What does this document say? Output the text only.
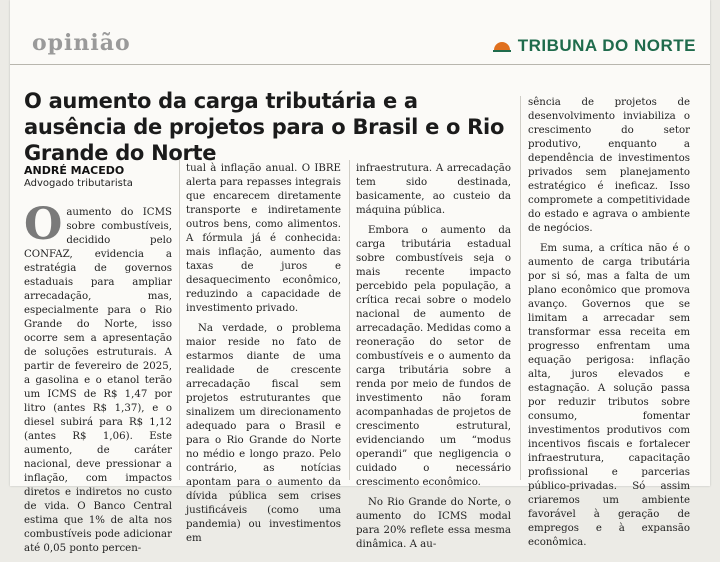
opinião	TRIBUNA DO NORTE
O aumento da carga tributária e a ausência de projetos para o Brasil e o Rio Grande do Norte
ANDRÉ MACEDO
Advogado tributarista

Oaumento do ICMS sobre combustíveis, decidido pelo CONFAZ, evidencia a estratégia de governos estaduais para ampliar arrecadação, mas, especialmente para o Rio Grande do Norte, isso ocorre sem a apresentação de soluções estruturais. A partir de fevereiro de 2025, a gasolina e o etanol terão um ICMS de R$ 1,47 por litro (antes R$ 1,37), e o diesel subirá para R$ 1,12 (antes R$ 1,06). Este aumento, de caráter nacional, deve pressionar a inflação, com impactos diretos e indiretos no custo de vida. O Banco Central estima que 1% de alta nos combustíveis pode adicionar até 0,05 ponto percen-

tual à inflação anual. O IBRE alerta para repasses integrais que encarecem diretamente transporte e indiretamente outros bens, como alimentos. A fórmula já é conhecida: mais inflação, aumento das taxas de juros e desaquecimento econômico, reduzindo a capacidade de investimento privado.

Na verdade, o problema maior reside no fato de estarmos diante de uma realidade de crescente arrecadação fiscal sem projetos estruturantes que sinalizem um direcionamento adequado para o Brasil e para o Rio Grande do Norte no médio e longo prazo. Pelo contrário, as notícias apontam para o aumento da dívida pública sem crises justificáveis (como uma pandemia) ou investimentos em

infraestrutura. A arrecadação tem sido destinada, basicamente, ao custeio da máquina pública.

Embora o aumento da carga tributária estadual sobre combustíveis seja o mais recente impacto percebido pela população, a crítica recai sobre o modelo nacional de aumento de arrecadação. Medidas como a reoneração do setor de combustíveis e o aumento da carga tributária sobre a renda por meio de fundos de investimento não foram acompanhadas de projetos de crescimento estrutural, evidenciando um “modus operandi” que negligencia o cuidado o necessário crescimento econômico.

No Rio Grande do Norte, o aumento do ICMS modal para 20% reflete essa mesma dinâmica. A au-

sência de projetos de desenvolvimento inviabiliza o crescimento do setor produtivo, enquanto a dependência de investimentos privados sem planejamento estratégico é ineficaz. Isso compromete a competitividade do estado e agrava o ambiente de negócios.

Em suma, a crítica não é o aumento de carga tributária por si só, mas a falta de um plano econômico que promova avanço. Governos que se limitam a arrecadar sem transformar essa receita em progresso enfrentam uma equação perigosa: inflação alta, juros elevados e estagnação. A solução passa por reduzir tributos sobre consumo, fomentar investimentos produtivos com incentivos fiscais e fortalecer infraestrutura, capacitação profissional e parcerias público-privadas. Só assim criaremos um ambiente favorável à geração de empregos e à expansão econômica.
